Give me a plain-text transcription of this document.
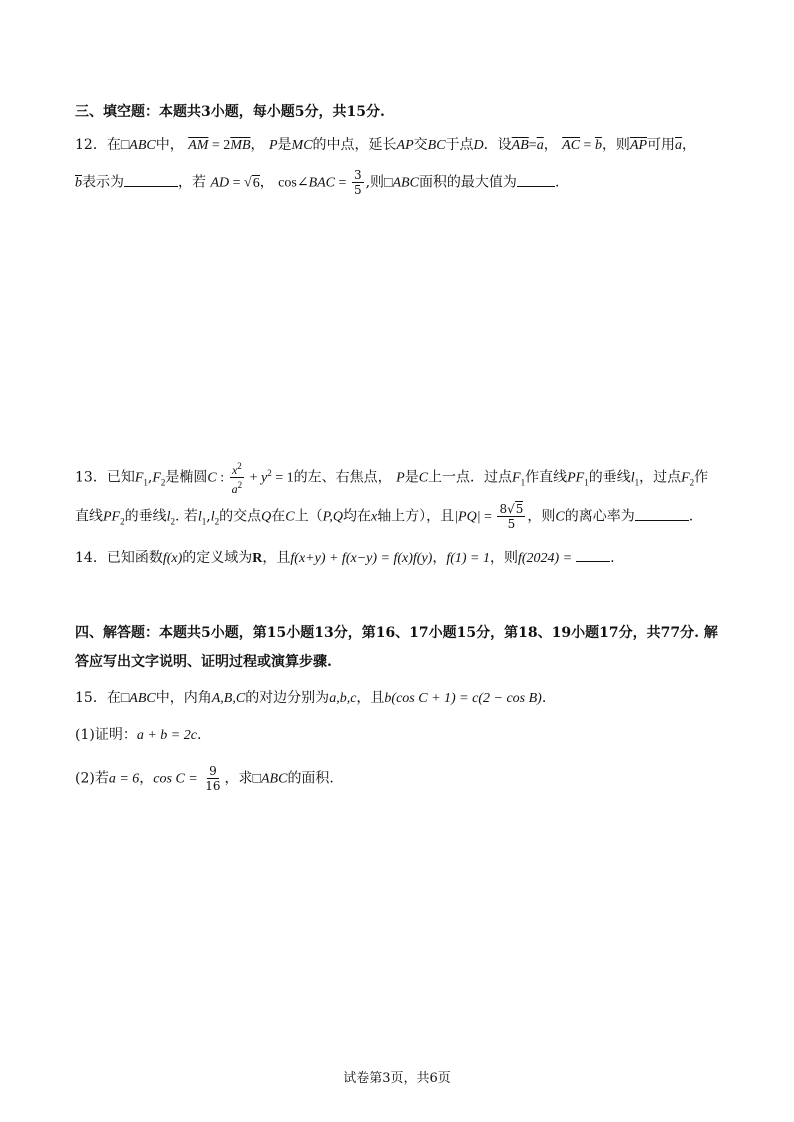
三、填空题：本题共3小题，每小题5分，共15分.
12．在□ABC中， $\overline{AM} = 2\overline{MB}$， P是MC的中点，延长AP交BC于点D．设$\overline{AB}=\overline{a}$， $\overline{AC} = \overline{b}$，则$\overline{AP}$可用$\overline{a}$，
$\overline{b}$表示为	，若 AD = √6， cos∠BAC = $\frac{3}{5}$ ,则□ABC面积的最大值为	.
13．已知$F_1,F_2$是椭圆C : $\frac{x^2}{a^2} + y^2 = 1$的左、右焦点， P是C上一点．过点$F_1$作直线$PF_1$的垂线$l_1$，过点$F_2$作
直线$PF_2$的垂线$l_2$. 若$l_1,l_2$的交点Q在C上（P,Q均在x轴上方），且$|PQ| = \frac{8√5}{5}$ ，则C的离心率为	.
14．已知函数f(x)的定义域为R，且f(x+y) + f(x−y) = f(x)f(y)，f(1) = 1，则f(2024) =	.
四、解答题：本题共5小题，第15小题13分，第16、17小题15分，第18、19小题17分，共77分. 解
答应写出文字说明、证明过程或演算步骤.
15．在□ABC中，内角A,B,C的对边分别为a,b,c，且b(cos C + 1) = c(2 − cos B).
(1)证明：a + b = 2c.
(2)若a = 6，$\cos C = \frac{9}{16}$ ，求□ABC的面积.
试卷第3页，共6页
